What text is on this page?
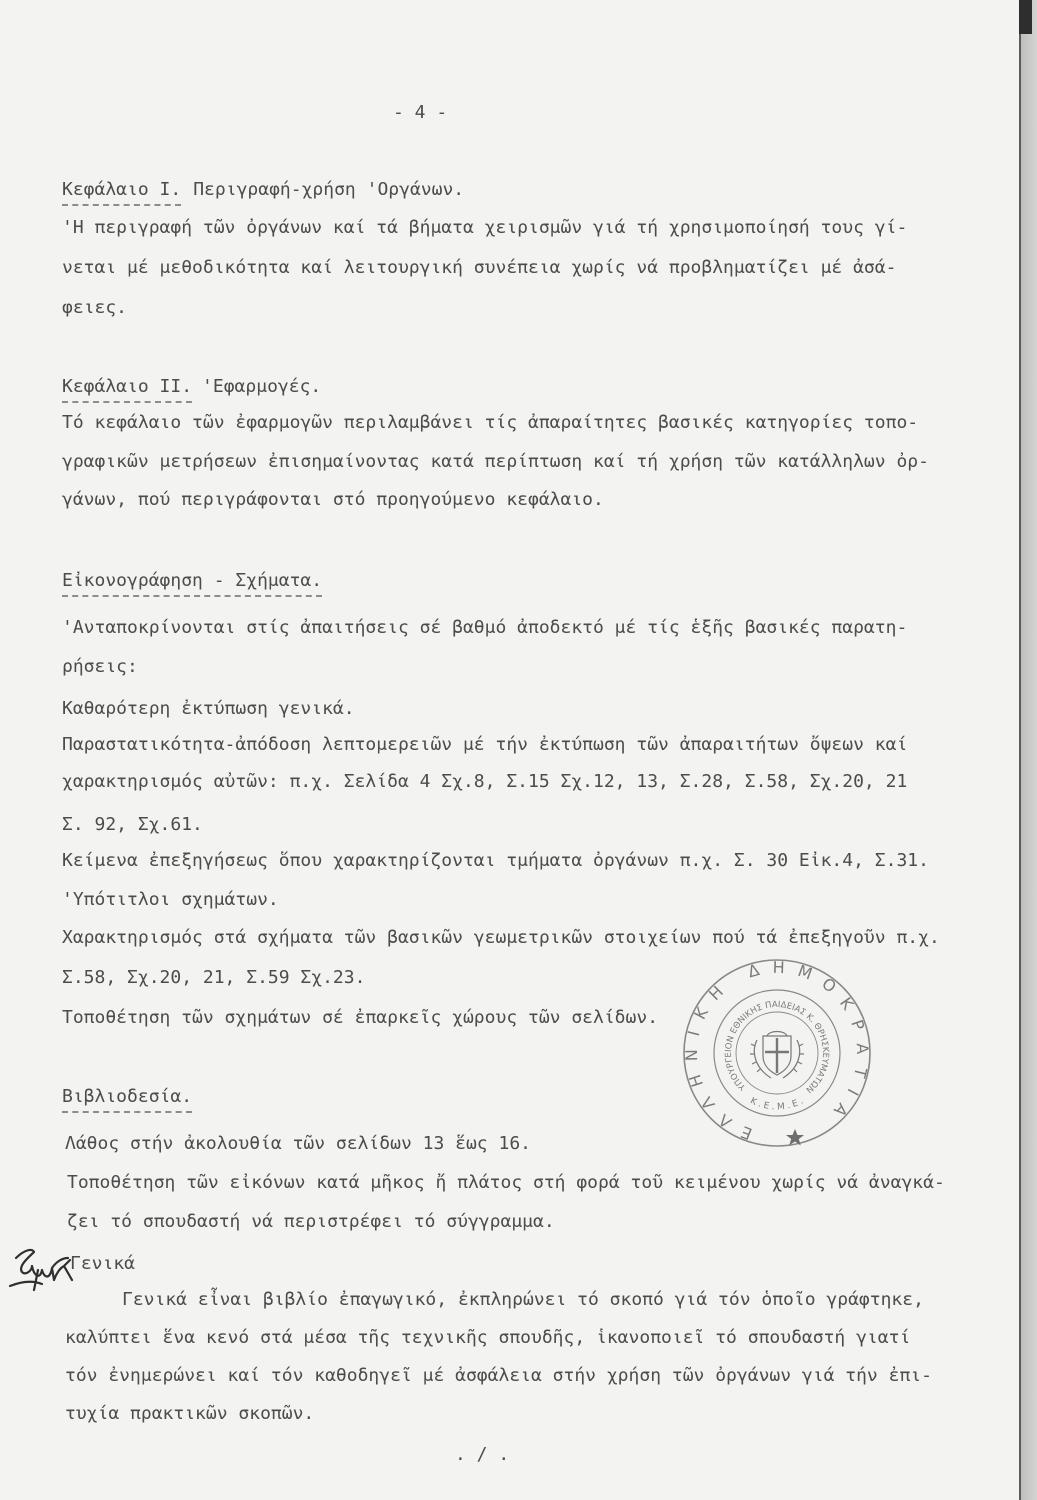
- 4 -
Κεφάλαιο Ι. Περιγραφή-χρήση 'Οργάνων.
'Η περιγραφή τῶν ὀργάνων καί τά βήματα χειρισμῶν γιά τή χρησιμοποίησή τους γί-
νεται μέ μεθοδικότητα καί λειτουργική συνέπεια χωρίς νά προβληματίζει μέ ἀσά-
φειες.
Κεφάλαιο ΙΙ. 'Εφαρμογές.
Τό κεφάλαιο τῶν ἐφαρμογῶν περιλαμβάνει τίς ἀπαραίτητες βασικές κατηγορίες τοπο-
γραφικῶν μετρήσεων ἐπισημαίνοντας κατά περίπτωση καί τή χρήση τῶν κατάλληλων ὀρ-
γάνων, πού περιγράφονται στό προηγούμενο κεφάλαιο.
Εἰκονογράφηση - Σχήματα.
'Ανταποκρίνονται στίς ἀπαιτήσεις σέ βαθμό ἀποδεκτό μέ τίς ἑξῆς βασικές παρατη-
ρήσεις:
Καθαρότερη ἐκτύπωση γενικά.
Παραστατικότητα-ἀπόδοση λεπτομερειῶν μέ τήν ἐκτύπωση τῶν ἀπαραιτήτων ὄψεων καί
χαρακτηρισμός αὐτῶν: π.χ. Σελίδα 4 Σχ.8, Σ.15 Σχ.12, 13, Σ.28, Σ.58, Σχ.20, 21
Σ. 92, Σχ.61.
Κείμενα ἐπεξηγήσεως ὅπου χαρακτηρίζονται τμήματα ὀργάνων π.χ. Σ. 30 Εἰκ.4, Σ.31.
'Υπότιτλοι σχημάτων.
Χαρακτηρισμός στά σχήματα τῶν βασικῶν γεωμετρικῶν στοιχείων πού τά ἐπεξηγοῦν π.χ.
Σ.58, Σχ.20, 21, Σ.59 Σχ.23.
Τοποθέτηση τῶν σχημάτων σέ ἐπαρκεῖς χώρους τῶν σελίδων.
Βιβλιοδεσία.
Λάθος στήν ἀκολουθία τῶν σελίδων 13 ἕως 16.
Τοποθέτηση τῶν εἰκόνων κατά μῆκος ἤ πλάτος στή φορά τοῦ κειμένου χωρίς νά ἀναγκά-
ζει τό σπουδαστή νά περιστρέφει τό σύγγραμμα.
Γενικά
Γενικά εἶναι βιβλίο ἐπαγωγικό, ἐκπληρώνει τό σκοπό γιά τόν ὁποῖο γράφτηκε,
καλύπτει ἕνα κενό στά μέσα τῆς τεχνικῆς σπουδῆς, ἱκανοποιεῖ τό σπουδαστή γιατί
τόν ἐνημερώνει καί τόν καθοδηγεῖ μέ ἀσφάλεια στήν χρήση τῶν ὀργάνων γιά τήν ἐπι-
τυχία πρακτικῶν σκοπῶν.
. / .
ΕΛΛΗΝΙΚΗ ΔΗΜΟΚΡΑΤΙΑ
ΥΠΟΥΡΓΕΙΟΝ ΕΘΝΙΚΗΣ ΠΑΙΔΕΙΑΣ Κ. ΘΡΗΣΚΕΥΜΑΤΩΝ
Κ.Ε.Μ.Ε.
